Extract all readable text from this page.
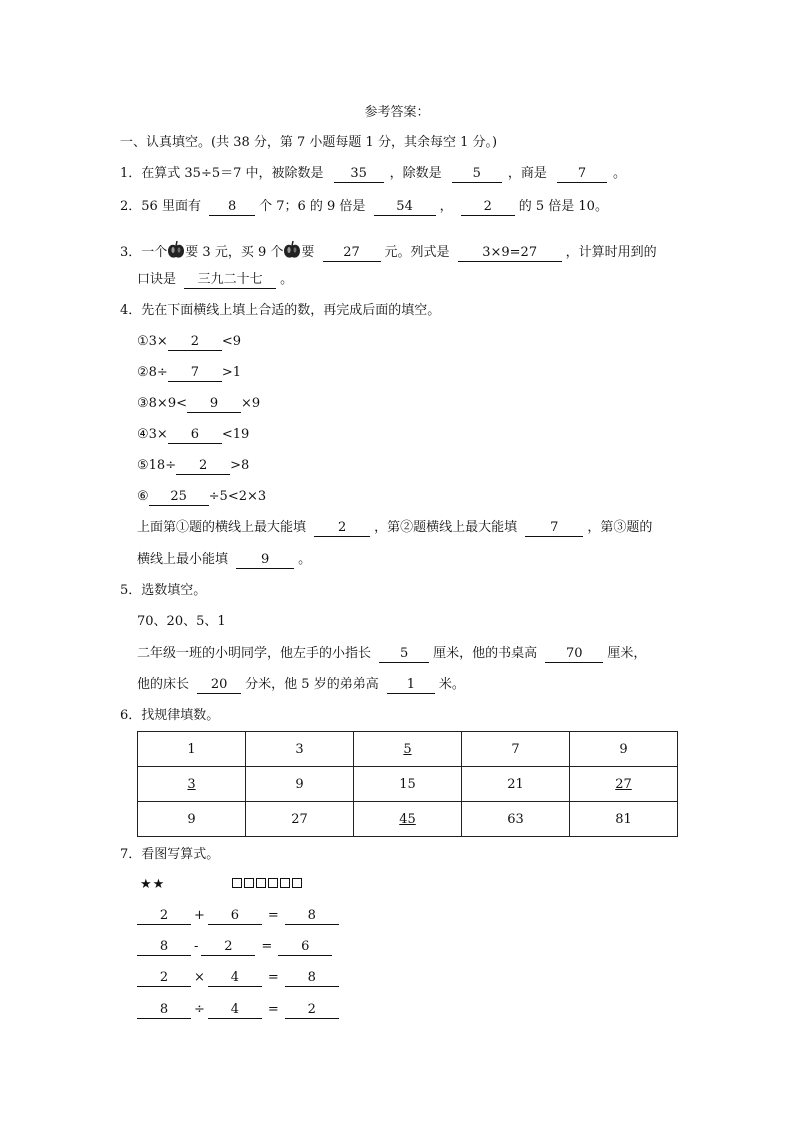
参考答案：
一、认真填空。(共 38 分，第 7 小题每题 1 分，其余每空 1 分。)
1．在算式 35÷5＝7 中，被除数是 35 ，除数是 5 ，商是 7 。
2．56 里面有 8 个 7；6 的 9 倍是 54 ， 2 的 5 倍是 10。
3．一个 要 3 元，买 9 个 要 27 元。列式是	3×9=27 ，计算时用到的
口诀是 三九二十七 。
4．先在下面横线上填上合适的数，再完成后面的填空。
①3× 2 <9
②8÷ 7 >1
③8×9< 9 ×9
④3× 6 <19
⑤18÷ 2 >8
⑥ 25 ÷5<2×3
上面第①题的横线上最大能填 2 ，第②题横线上最大能填	7 ，第③题的
横线上最小能填	9 。
5．选数填空。
70、20、5、1
二年级一班的小明同学，他左手的小指长 5 厘米，他的书桌高 70 厘米，
他的床长 20 分米，他 5 岁的弟弟高 1 米。
6．找规律填数。
1	3	5	7	9
3	9	15	21	27
9	27	45	63	81
7．看图写算式。
★★
2 + 6 = 8
8 - 2 = 6
2 × 4 = 8
8 ÷ 4 = 2
